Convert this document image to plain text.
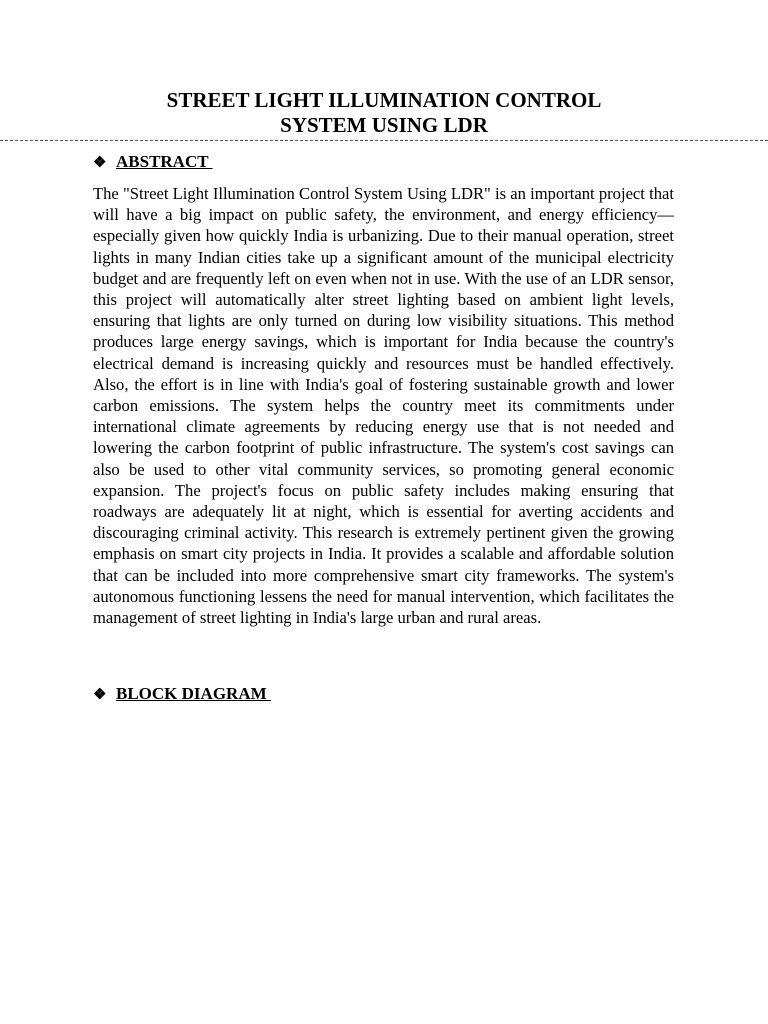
STREET LIGHT ILLUMINATION CONTROL
SYSTEM USING LDR
❖ ABSTRACT

The "Street Light Illumination Control System Using LDR" is an important project that will have a big impact on public safety, the environment, and energy efficiency—especially given how quickly India is urbanizing. Due to their manual operation, street lights in many Indian cities take up a significant amount of the municipal electricity budget and are frequently left on even when not in use. With the use of an LDR sensor, this project will automatically alter street lighting based on ambient light levels, ensuring that lights are only turned on during low visibility situations. This method produces large energy savings, which is important for India because the country's electrical demand is increasing quickly and resources must be handled effectively. Also, the effort is in line with India's goal of fostering sustainable growth and lower carbon emissions. The system helps the country meet its commitments under international climate agreements by reducing energy use that is not needed and lowering the carbon footprint of public infrastructure. The system's cost savings can also be used to other vital community services, so promoting general economic expansion. The project's focus on public safety includes making ensuring that roadways are adequately lit at night, which is essential for averting accidents and discouraging criminal activity. This research is extremely pertinent given the growing emphasis on smart city projects in India. It provides a scalable and affordable solution that can be included into more comprehensive smart city frameworks. The system's autonomous functioning lessens the need for manual intervention, which facilitates the management of street lighting in India's large urban and rural areas.

❖ BLOCK DIAGRAM
